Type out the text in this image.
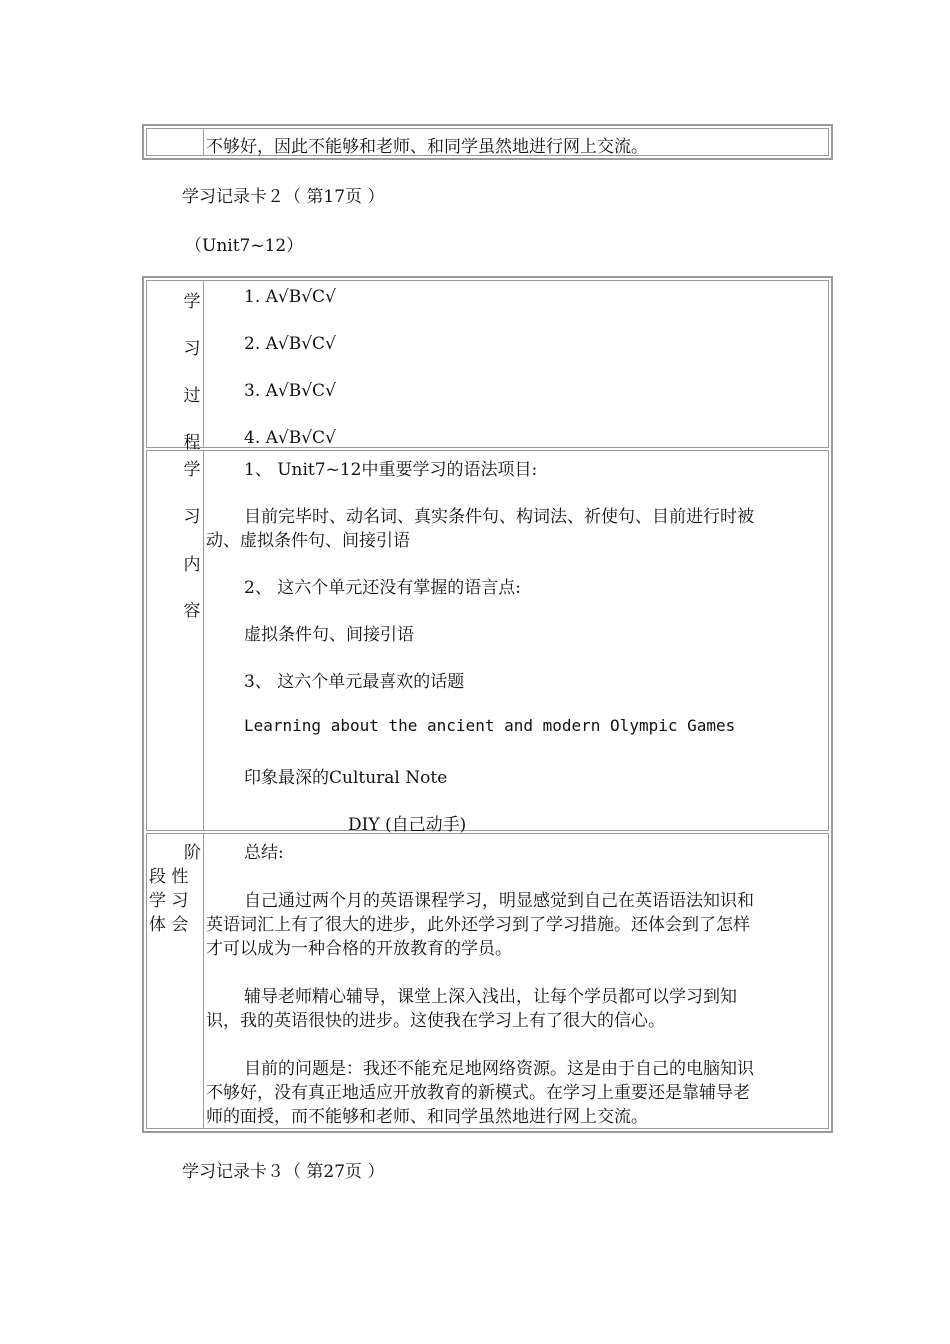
不够好，因此不能够和老师、和同学虽然地进行网上交流。
学习记录卡２（ 第17页 ）
（Unit7~12）
学
习
过
程
1. A√B√C√
2. A√B√C√
3. A√B√C√
4. A√B√C√
学
习
内
容
1、 Unit7~12中重要学习的语法项目:
目前完毕时、动名词、真实条件句、构词法、祈使句、目前进行时被
动、虚拟条件句、间接引语
2、 这六个单元还没有掌握的语言点:
虚拟条件句、间接引语
3、 这六个单元最喜欢的话题
Learning about the ancient and modern Olympic Games
印象最深的Cultural Note
DIY (自己动手)
阶
段 性
学 习
体 会
总结:
自己通过两个月的英语课程学习，明显感觉到自己在英语语法知识和
英语词汇上有了很大的进步，此外还学习到了学习措施。还体会到了怎样
才可以成为一种合格的开放教育的学员。
辅导老师精心辅导，课堂上深入浅出，让每个学员都可以学习到知
识，我的英语很快的进步。这使我在学习上有了很大的信心。
目前的问题是：我还不能充足地网络资源。这是由于自己的电脑知识
不够好，没有真正地适应开放教育的新模式。在学习上重要还是靠辅导老
师的面授，而不能够和老师、和同学虽然地进行网上交流。
学习记录卡３（ 第27页 ）
